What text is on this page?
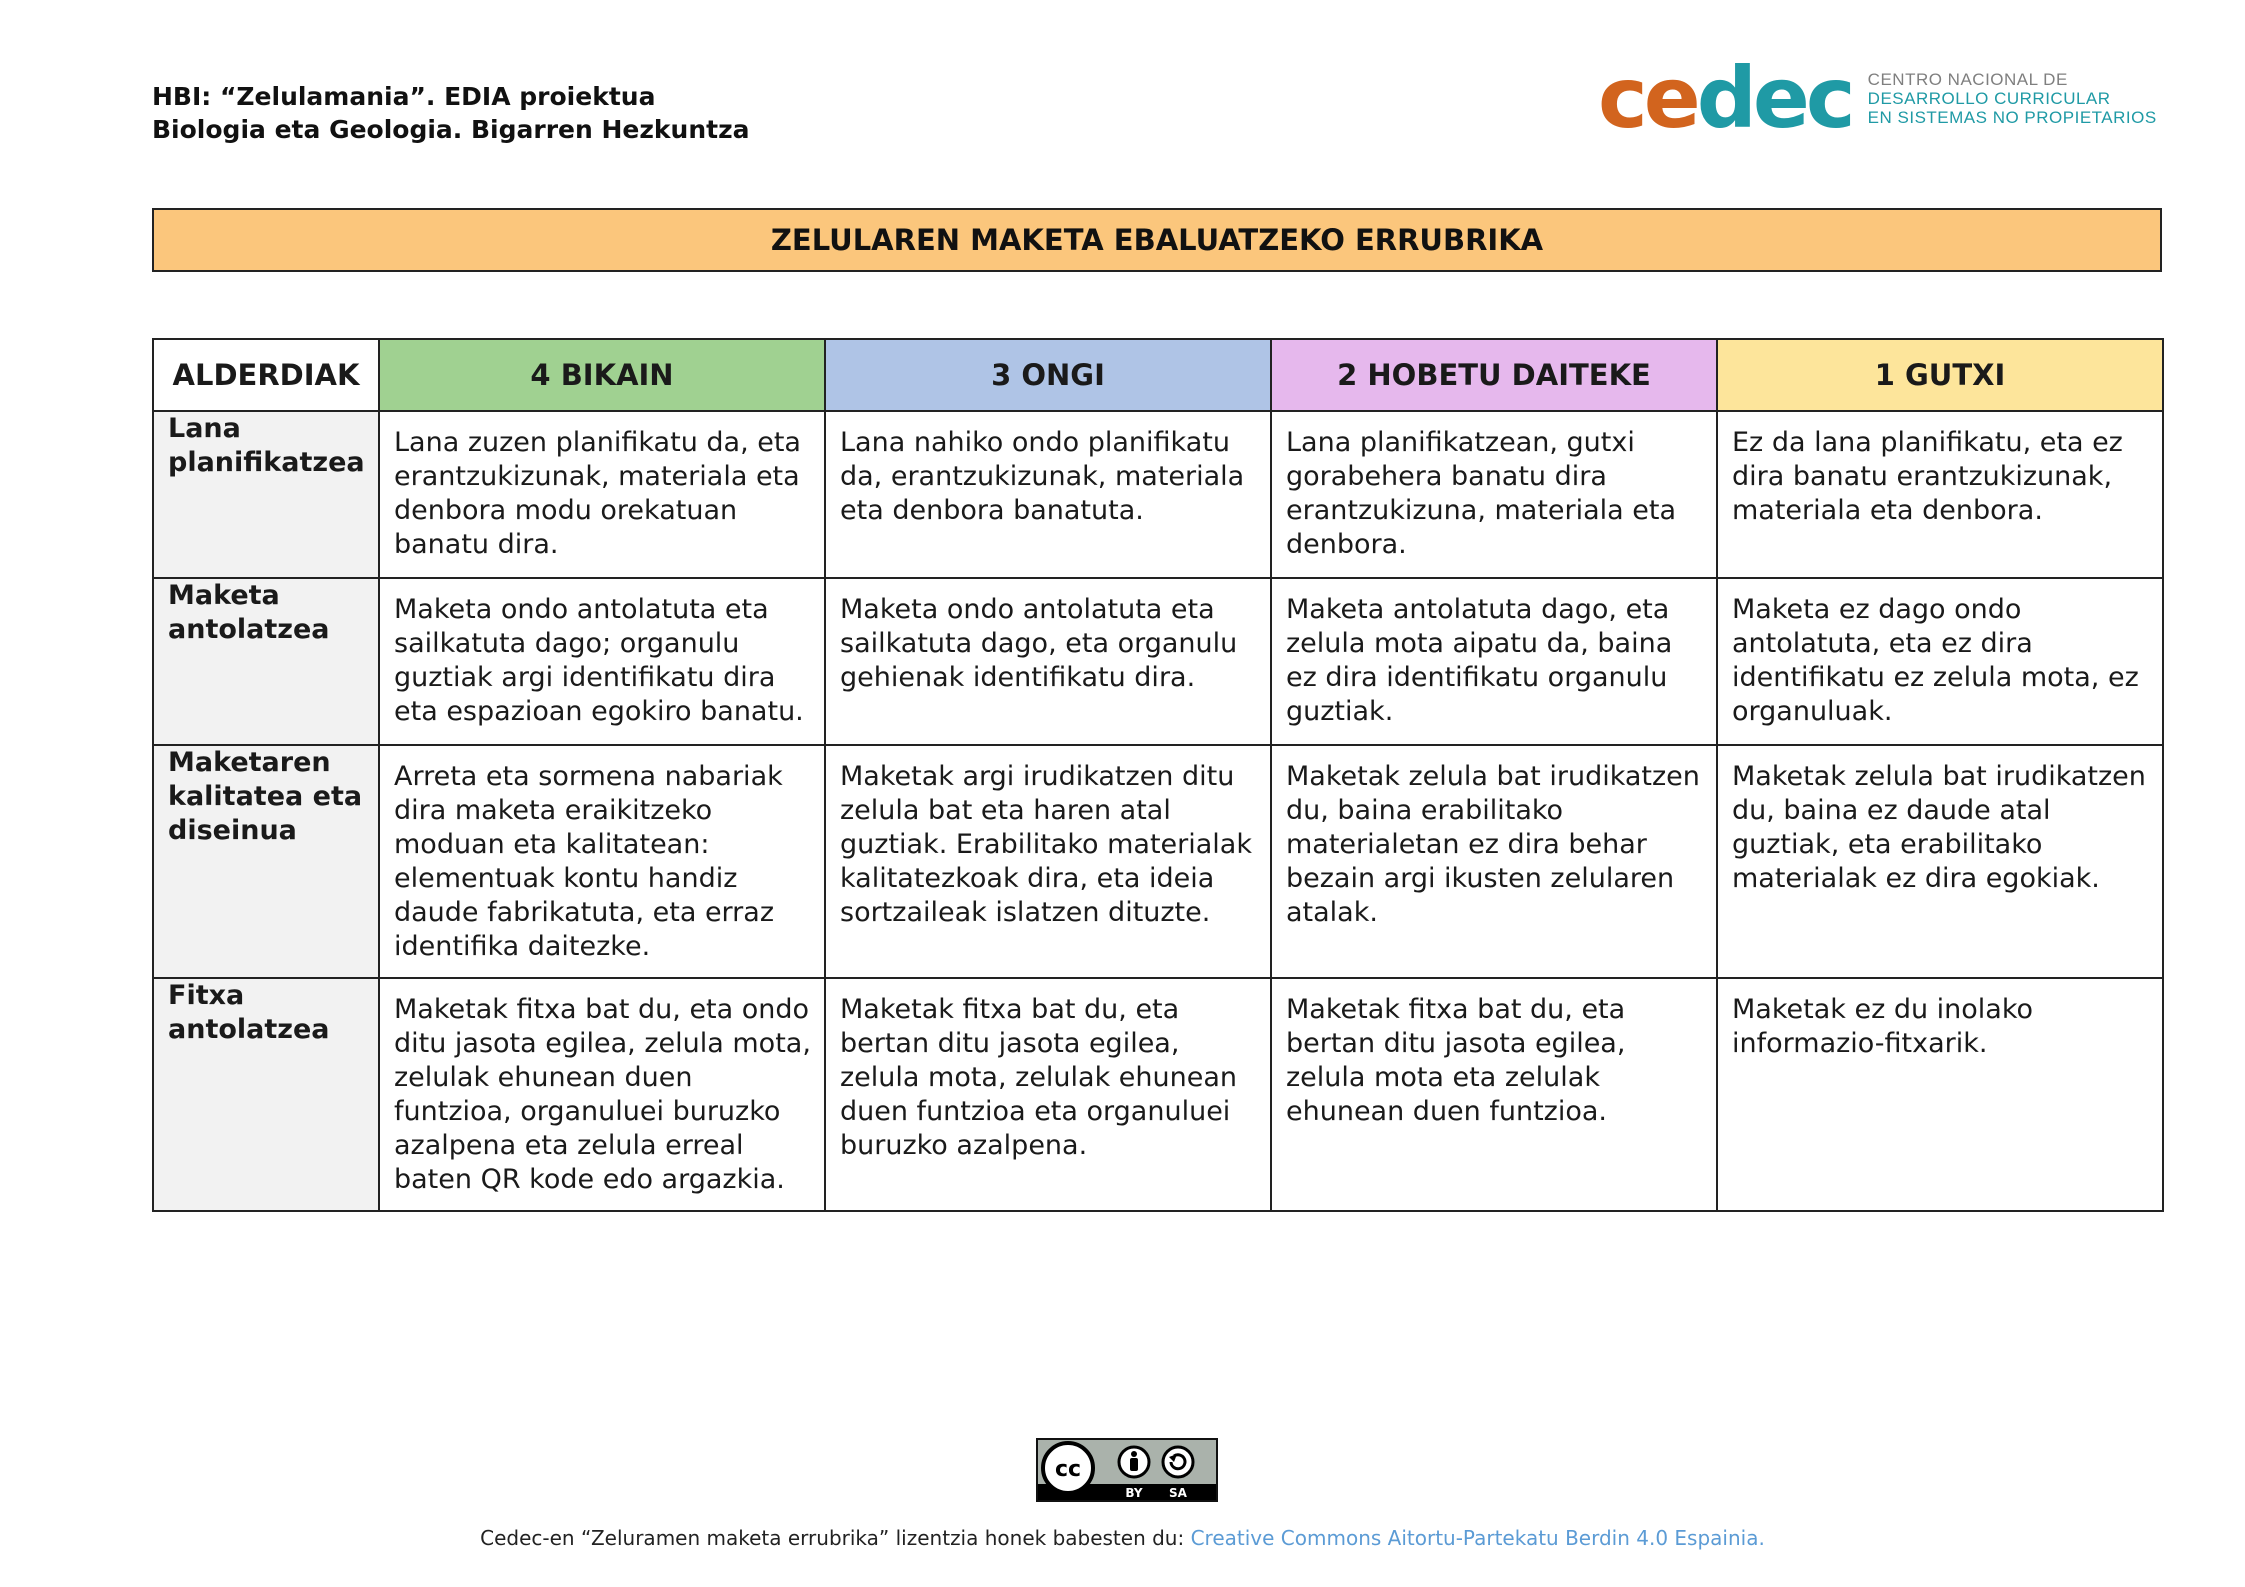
HBI: “Zelulamania”. EDIA proiektua
Biologia eta Geologia. Bigarren Hezkuntza	cedec CENTRO NACIONAL DE
DESARROLLO CURRICULAR
EN SISTEMAS NO PROPIETARIOS
ZELULAREN MAKETA EBALUATZEKO ERRUBRIKA
ALDERDIAK	4 BIKAIN	3 ONGI	2 HOBETU DAITEKE	1 GUTXI
Lana planifikatzea	Lana zuzen planifikatu da, eta erantzukizunak, materiala eta denbora modu orekatuan banatu dira.	Lana nahiko ondo planifikatu da, erantzukizunak, materiala eta denbora banatuta.	Lana planifikatzean, gutxi gorabehera banatu dira erantzukizuna, materiala eta denbora.	Ez da lana planifikatu, eta ez dira banatu erantzukizunak, materiala eta denbora.
Maketa antolatzea	Maketa ondo antolatuta eta sailkatuta dago; organulu guztiak argi identifikatu dira eta espazioan egokiro banatu.	Maketa ondo antolatuta eta sailkatuta dago, eta organulu gehienak identifikatu dira.	Maketa antolatuta dago, eta zelula mota aipatu da, baina ez dira identifikatu organulu guztiak.	Maketa ez dago ondo antolatuta, eta ez dira identifikatu ez zelula mota, ez organuluak.
Maketaren kalitatea eta diseinua	Arreta eta sormena nabariak dira maketa eraikitzeko moduan eta kalitatean: elementuak kontu handiz daude fabrikatuta, eta erraz identifika daitezke.	Maketak argi irudikatzen ditu zelula bat eta haren atal guztiak. Erabilitako materialak kalitatezkoak dira, eta ideia sortzaileak islatzen dituzte.	Maketak zelula bat irudikatzen du, baina erabilitako materialetan ez dira behar bezain argi ikusten zelularen atalak.	Maketak zelula bat irudikatzen du, baina ez daude atal guztiak, eta erabilitako materialak ez dira egokiak.
Fitxa antolatzea	Maketak fitxa bat du, eta ondo ditu jasota egilea, zelula mota, zelulak ehunean duen funtzioa, organuluei buruzko azalpena eta zelula erreal baten QR kode edo argazkia.	Maketak fitxa bat du, eta bertan ditu jasota egilea, zelula mota, zelulak ehunean duen funtzioa eta organuluei buruzko azalpena.	Maketak fitxa bat du, eta bertan ditu jasota egilea, zelula mota eta zelulak ehunean duen funtzioa.	Maketak ez du inolako informazio-fitxarik.
cc
BY SA
Cedec-en “Zeluramen maketa errubrika” lizentzia honek babesten du: Creative Commons Aitortu-Partekatu Berdin 4.0 Espainia.
